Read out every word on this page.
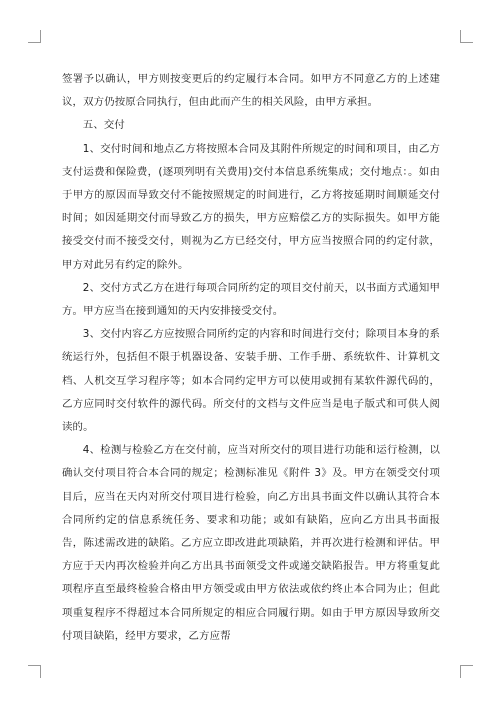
签署予以确认，甲方则按变更后的约定履行本合同。如甲方不同意乙方的上述建议，双方仍按原合同执行，但由此而产生的相关风险，由甲方承担。

五、交付

1、交付时间和地点乙方将按照本合同及其附件所规定的时间和项目，由乙方支付运费和保险费，(逐项列明有关费用)交付本信息系统集成；交付地点：。如由于甲方的原因而导致交付不能按照规定的时间进行，乙方将按延期时间顺延交付时间；如因延期交付而导致乙方的损失，甲方应赔偿乙方的实际损失。如甲方能接受交付而不接受交付，则视为乙方已经交付，甲方应当按照合同的约定付款，甲方对此另有约定的除外。

2、交付方式乙方在进行每项合同所约定的项目交付前天，以书面方式通知甲方。甲方应当在接到通知的天内安排接受交付。

3、交付内容乙方应按照合同所约定的内容和时间进行交付；除项目本身的系统运行外，包括但不限于机器设备、安装手册、工作手册、系统软件、计算机文档、人机交互学习程序等；如本合同约定甲方可以使用或拥有某软件源代码的，乙方应同时交付软件的源代码。所交付的文档与文件应当是电子版式和可供人阅读的。

4、检测与检验乙方在交付前，应当对所交付的项目进行功能和运行检测，以确认交付项目符合本合同的规定；检测标准见《附件 3》及。甲方在领受交付项目后，应当在天内对所交付项目进行检验，向乙方出具书面文件以确认其符合本合同所约定的信息系统任务、要求和功能；或如有缺陷，应向乙方出具书面报告，陈述需改进的缺陷。乙方应立即改进此项缺陷，并再次进行检测和评估。甲方应于天内再次检验并向乙方出具书面领受文件或递交缺陷报告。甲方将重复此项程序直至最终检验合格由甲方领受或由甲方依法或依约终止本合同为止；但此项重复程序不得超过本合同所规定的相应合同履行期。如由于甲方原因导致所交付项目缺陷，经甲方要求，乙方应帮
